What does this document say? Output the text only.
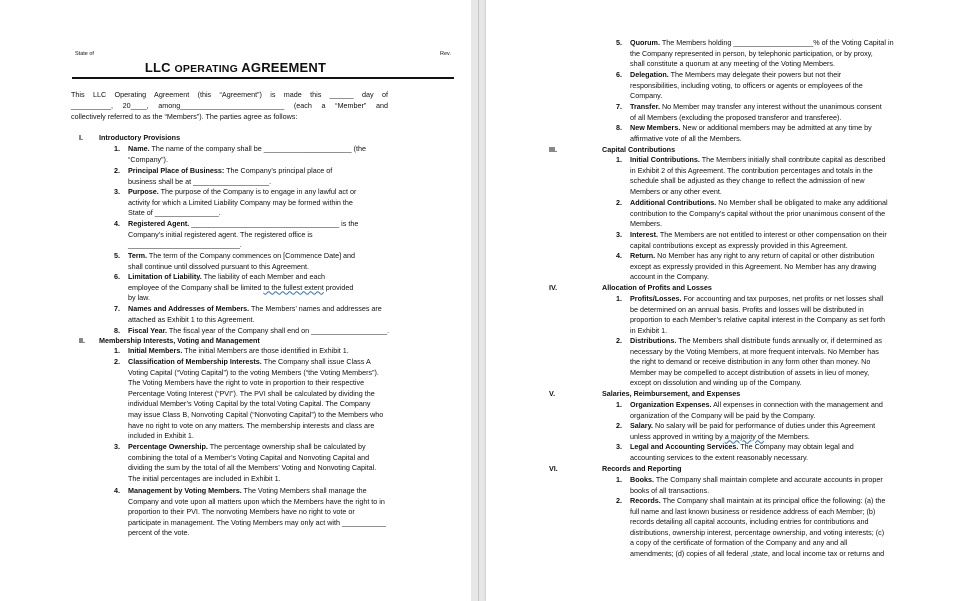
State of	Rev.
LLC OPERATING AGREEMENT
This LLC Operating Agreement (this “Agreement”) is made this ______ day of
__________, 20____, among__________________________ (each a “Member” and
collectively referred to as the “Members”). The parties agree as follows:
I. Introductory Provisions
1. Name. The name of the company shall be ______________________ (the
“Company”).
2. Principal Place of Business: The Company’s principal place of
business shall be at ___________________.
3. Purpose. The purpose of the Company is to engage in any lawful act or
activity for which a Limited Liability Company may be formed within the
State of ________________.
4. Registered Agent. _____________________________________ is the
Company’s initial registered agent. The registered office is
____________________________.
5. Term. The term of the Company commences on [Commence Date] and
shall continue until dissolved pursuant to this Agreement.
6. Limitation of Liability. The liability of each Member and each
employee of the Company shall be limited to the fullest extent provided
by law.
7. Names and Addresses of Members. The Members’ names and addresses are
attached as Exhibit 1 to this Agreement.
8. Fiscal Year. The fiscal year of the Company shall end on ___________________.
II. Membership Interests, Voting and Management
1. Initial Members. The initial Members are those identified in Exhibit 1.
2. Classification of Membership Interests. The Company shall issue Class A
Voting Capital (“Voting Capital”) to the voting Members (“the Voting Members”).
The Voting Members have the right to vote in proportion to their respective
Percentage Voting Interest (“PVI”). The PVI shall be calculated by dividing the
individual Member’s Voting Capital by the total Voting Capital. The Company
may issue Class B, Nonvoting Capital (“Nonvoting Capital”) to the Members who
have no right to vote on any matters. The membership interests and class are
included in Exhibit 1.
3. Percentage Ownership. The percentage ownership shall be calculated by
combining the total of a Member’s Voting Capital and Nonvoting Capital and
dividing the sum by the total of all the Members’ Voting and Nonvoting Capital.
The initial percentages are included in Exhibit 1.
4. Management by Voting Members. The Voting Members shall manage the
Company and vote upon all matters upon which the Members have the right to in
proportion to their PVI. The nonvoting Members have no right to vote or
participate in management. The Voting Members may only act with ___________
percent of the vote.
5. Quorum. The Members holding ____________________% of the Voting Capital in
the Company represented in person, by telephonic participation, or by proxy,
shall constitute a quorum at any meeting of the Voting Members.
6. Delegation. The Members may delegate their powers but not their
responsibilities, including voting, to officers or agents or employees of the
Company.
7. Transfer. No Member may transfer any interest without the unanimous consent
of all Members (excluding the proposed transferor and transferee).
8. New Members. New or additional members may be admitted at any time by
affirmative vote of all the Members.
III.	Capital Contributions
1. Initial Contributions. The Members initially shall contribute capital as described
in Exhibit 2 of this Agreement. The contribution percentages and totals in the
schedule shall be adjusted as they change to reflect the admission of new
Members or any other event.
2. Additional Contributions. No Member shall be obligated to make any additional
contribution to the Company’s capital without the prior unanimous consent of the
Members.
3. Interest. The Members are not entitled to interest or other compensation on their
capital contributions except as expressly provided in this Agreement.
4. Return. No Member has any right to any return of capital or other distribution
except as expressly provided in this Agreement. No Member has any drawing
account in the Company.
IV.	Allocation of Profits and Losses
1. Profits/Losses. For accounting and tax purposes, net profits or net losses shall
be determined on an annual basis. Profits and losses will be distributed in
proportion to each Member’s relative capital interest in the Company as set forth
in Exhibit 1.
2. Distributions. The Members shall distribute funds annually or, if determined as
necessary by the Voting Members, at more frequent intervals. No Member has
the right to demand or receive distribution in any form other than money. No
Member may be compelled to accept distribution of assets in lieu of money,
except on dissolution and winding up of the Company.
V.	Salaries, Reimbursement, and Expenses
1. Organization Expenses. All expenses in connection with the management and
organization of the Company will be paid by the Company.
2. Salary. No salary will be paid for performance of duties under this Agreement
unless approved in writing by a majority of the Members.
3. Legal and Accounting Services. The Company may obtain legal and
accounting services to the extent reasonably necessary.
VI.	Records and Reporting
1. Books. The Company shall maintain complete and accurate accounts in proper
books of all transactions.
2. Records. The Company shall maintain at its principal office the following: (a) the
full name and last known business or residence address of each Member; (b)
records detailing all capital accounts, including entries for contributions and
distributions, ownership interest, percentage ownership, and voting interests; (c)
a copy of the certificate of formation of the Company and any and all
amendments; (d) copies of all federal ,state, and local income tax or returns and
